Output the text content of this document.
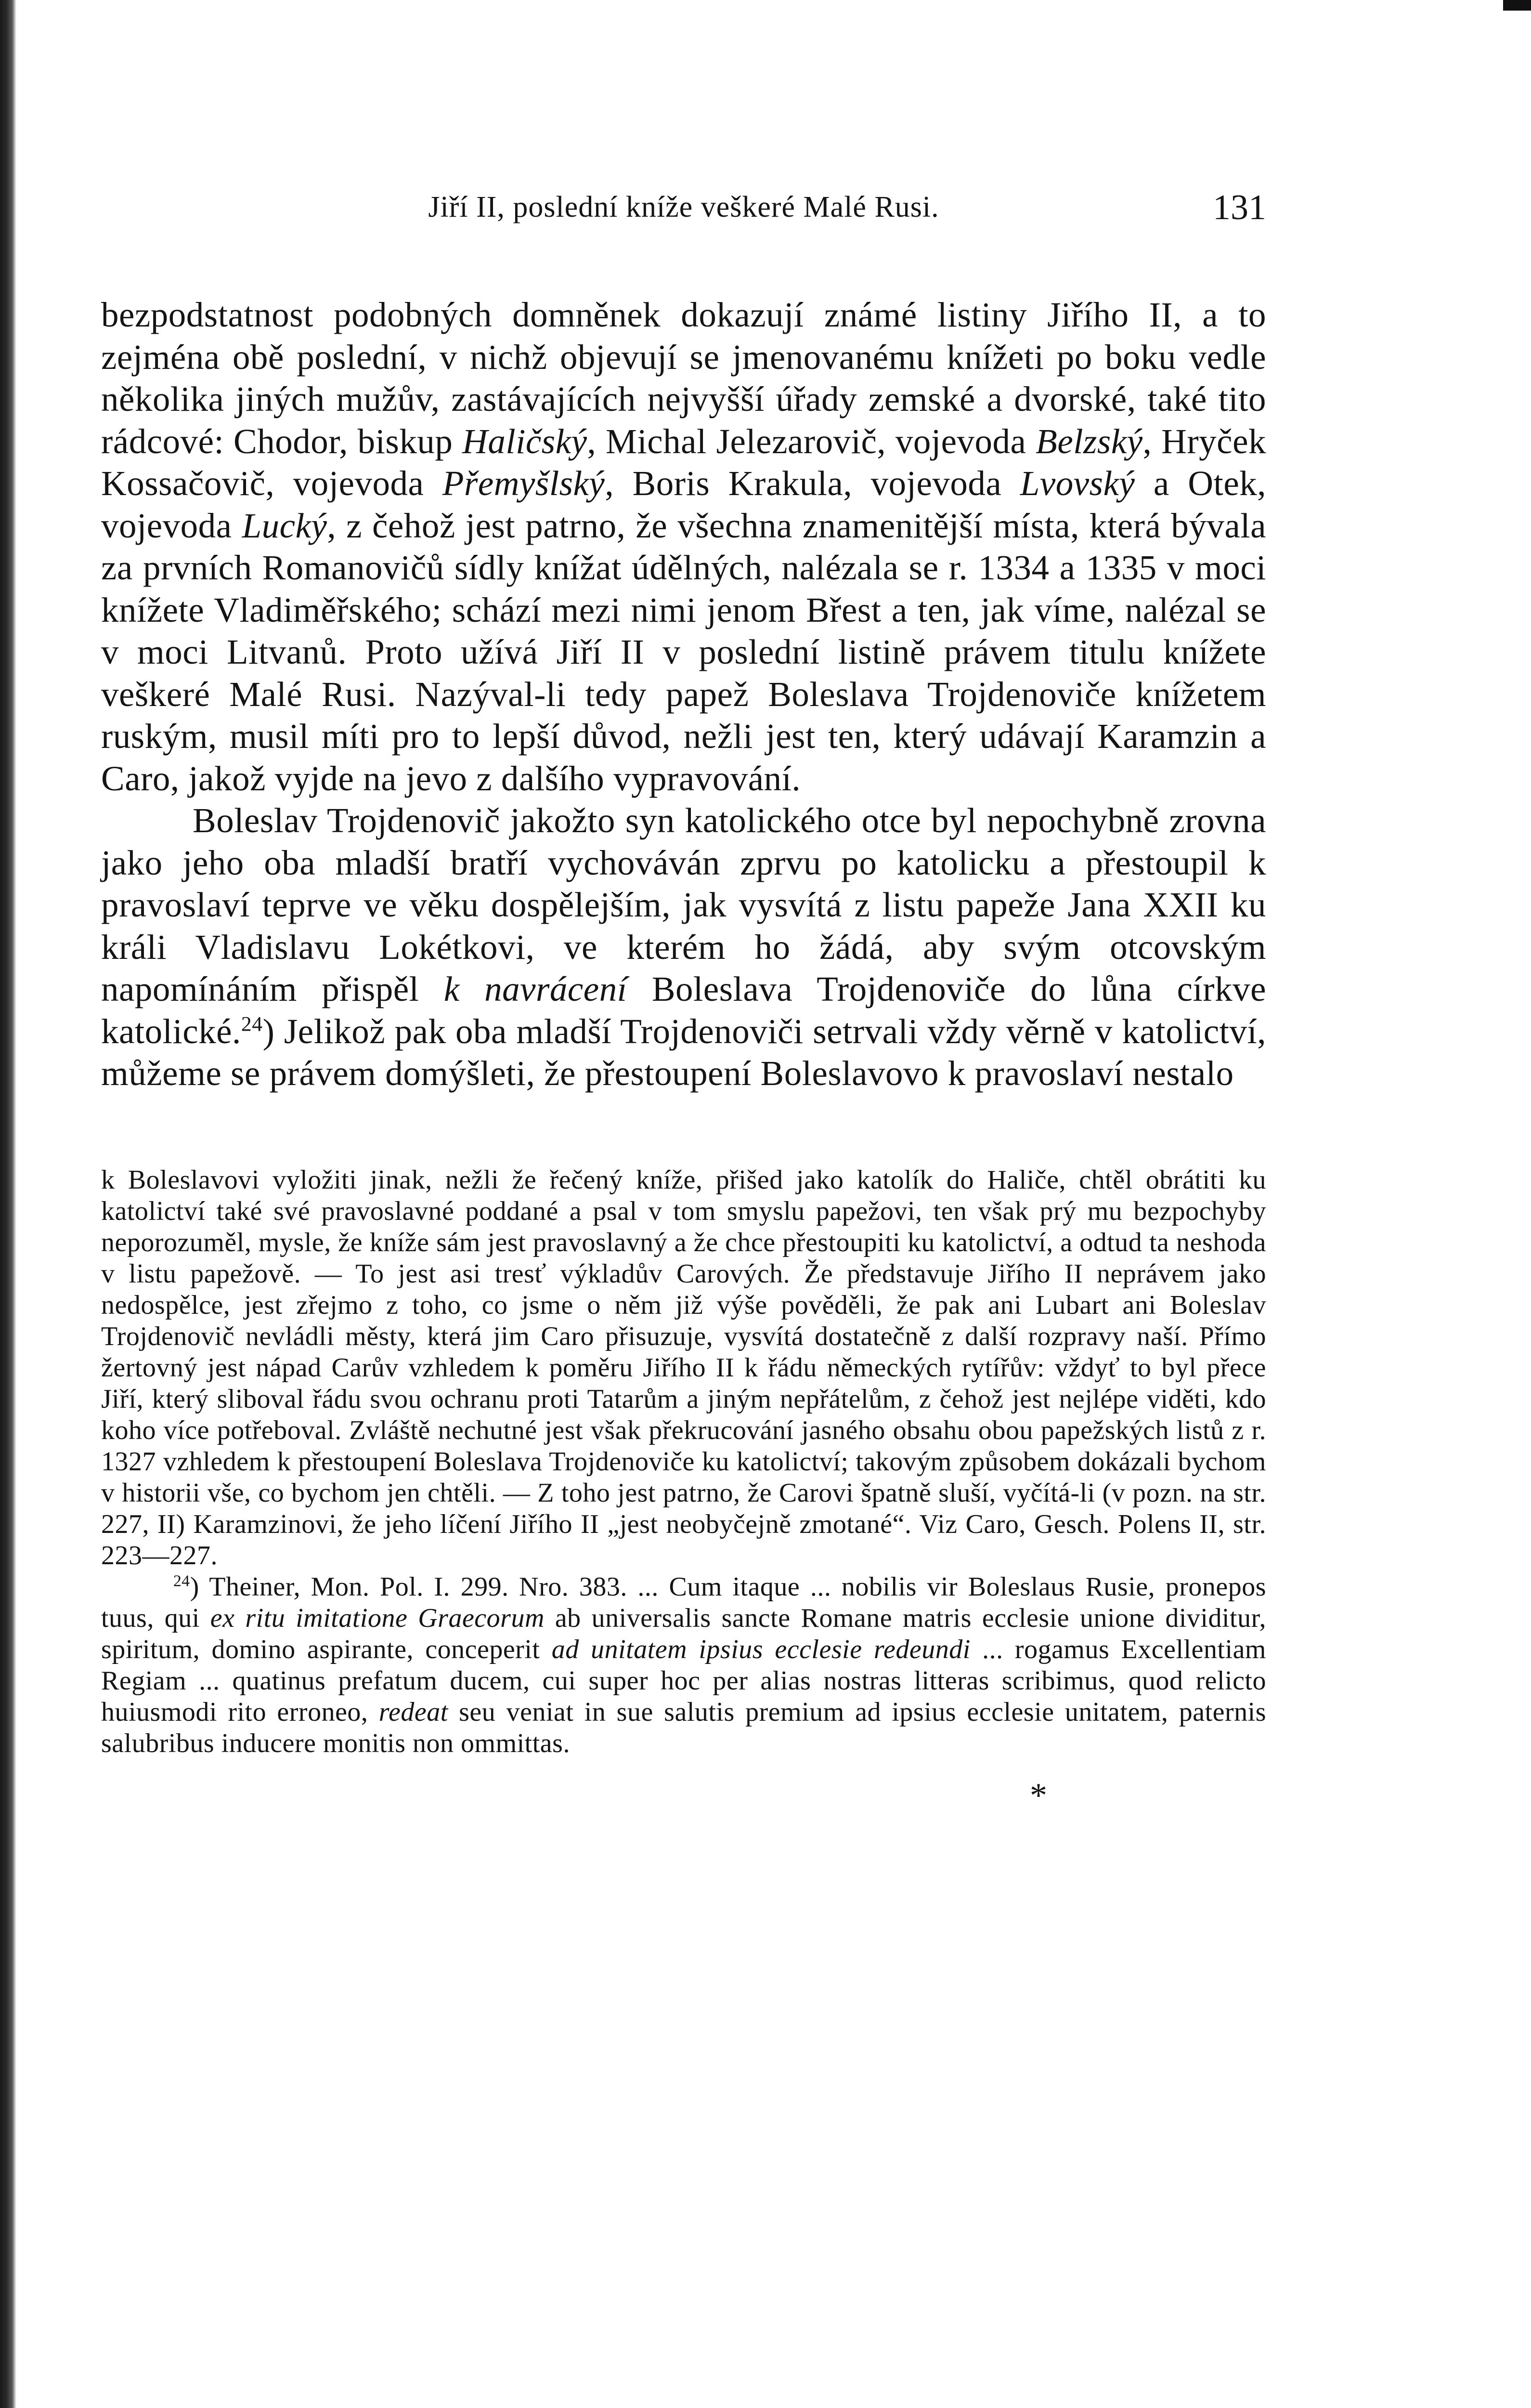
Jiří II, poslední kníže veškeré Malé Rusi.	131

bezpodstatnost podobných domněnek dokazují známé listiny Jiřího II, a to zejména obě poslední, v nichž objevují se jmenovanému knížeti po boku vedle několika jiných mužův, zastávajících nejvyšší úřady zemské a dvorské, také tito rádcové: Chodor, biskup Haličský, Michal Jelezarovič, vojevoda Belzský, Hryček Kossačovič, vojevoda Přemyšlský, Boris Krakula, vojevoda Lvovský a Otek, vojevoda Lucký, z čehož jest patrno, že všechna znamenitější místa, která bývala za prvních Romanovičů sídly knížat údělných, nalézala se r. 1334 a 1335 v moci knížete Vladiměřského; schází mezi nimi jenom Břest a ten, jak víme, nalézal se v moci Litvanů. Proto užívá Jiří II v poslední listině právem titulu knížete veškeré Malé Rusi. Nazýval-li tedy papež Boleslava Trojdenoviče knížetem ruským, musil míti pro to lepší důvod, nežli jest ten, který udávají Karamzin a Caro, jakož vyjde na jevo z dalšího vypravování.

Boleslav Trojdenovič jakožto syn katolického otce byl nepochybně zrovna jako jeho oba mladší bratří vychováván zprvu po katolicku a přestoupil k pravoslaví teprve ve věku dospělejším, jak vysvítá z listu papeže Jana XXII ku králi Vladislavu Lokétkovi, ve kterém ho žádá, aby svým otcovským napomínáním přispěl k navrácení Boleslava Trojdenoviče do lůna církve katolické.$^{24}$) Jelikož pak oba mladší Trojdenoviči setrvali vždy věrně v katolictví, můžeme se právem domýšleti, že přestoupení Boleslavovo k pravoslaví nestalo

k Boleslavovi vyložiti jinak, nežli že řečený kníže, přišed jako katolík do Haliče, chtěl obrátiti ku katolictví také své pravoslavné poddané a psal v tom smyslu papežovi, ten však prý mu bezpochyby neporozuměl, mysle, že kníže sám jest pravoslavný a že chce přestoupiti ku katolictví, a odtud ta neshoda v listu papežově. — To jest asi tresť výkladův Carových. Že představuje Jiřího II neprávem jako nedospělce, jest zřejmo z toho, co jsme o něm již výše pověděli, že pak ani Lubart ani Boleslav Trojdenovič nevládli městy, která jim Caro přisuzuje, vysvítá dostatečně z další rozpravy naší. Přímo žertovný jest nápad Carův vzhledem k poměru Jiřího II k řádu německých rytířův: vždyť to byl přece Jiří, který sliboval řádu svou ochranu proti Tatarům a jiným nepřátelům, z čehož jest nejlépe viděti, kdo koho více potřeboval. Zvláště nechutné jest však překrucování jasného obsahu obou papežských listů z r. 1327 vzhledem k přestoupení Boleslava Trojdenoviče ku katolictví; takovým způsobem dokázali bychom v historii vše, co bychom jen chtěli. — Z toho jest patrno, že Carovi špatně sluší, vyčítá-li (v pozn. na str. 227, II) Karamzinovi, že jeho líčení Jiřího II „jest neobyčejně zmotané“. Viz Caro, Gesch. Polens II, str. 223—227.

$^{24}$) Theiner, Mon. Pol. I. 299. Nro. 383. ... Cum itaque ... nobilis vir Boleslaus Rusie, pronepos tuus, qui ex ritu imitatione Graecorum ab universalis sancte Romane matris ecclesie unione dividitur, spiritum, domino aspirante, conceperit ad unitatem ipsius ecclesie redeundi ... rogamus Excellentiam Regiam ... quatinus prefatum ducem, cui super hoc per alias nostras litteras scribimus, quod relicto huiusmodi rito erroneo, redeat seu veniat in sue salutis premium ad ipsius ecclesie unitatem, paternis salubribus inducere monitis non ommittas.

*
